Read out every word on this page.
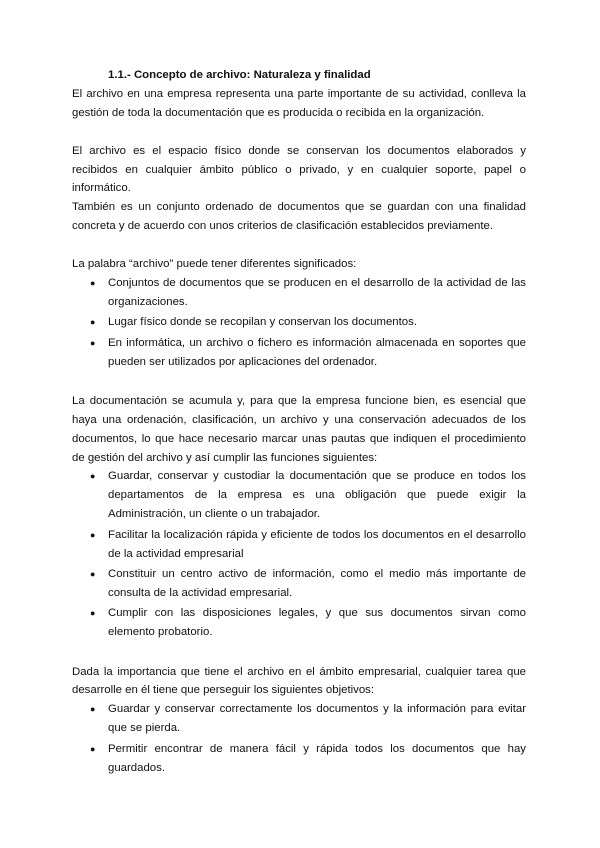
1.1.- Concepto de archivo: Naturaleza y finalidad

El archivo en una empresa representa una parte importante de su actividad, conlleva la gestión de toda la documentación que es producida o recibida en la organización.

El archivo es el espacio físico donde se conservan los documentos elaborados y recibidos en cualquier ámbito público o privado, y en cualquier soporte, papel o informático.

También es un conjunto ordenado de documentos que se guardan con una finalidad concreta y de acuerdo con unos criterios de clasificación establecidos previamente.

La palabra “archivo” puede tener diferentes significados:

● Conjuntos de documentos que se producen en el desarrollo de la actividad de las organizaciones.
● Lugar físico donde se recopilan y conservan los documentos.
● En informática, un archivo o fichero es información almacenada en soportes que pueden ser utilizados por aplicaciones del ordenador.

La documentación se acumula y, para que la empresa funcione bien, es esencial que haya una ordenación, clasificación, un archivo y una conservación adecuados de los documentos, lo que hace necesario marcar unas pautas que indiquen el procedimiento de gestión del archivo y así cumplir las funciones siguientes:

● Guardar, conservar y custodiar la documentación que se produce en todos los departamentos de la empresa es una obligación que puede exigir la Administración, un cliente o un trabajador.
● Facilitar la localización rápida y eficiente de todos los documentos en el desarrollo de la actividad empresarial
● Constituir un centro activo de información, como el medio más importante de consulta de la actividad empresarial.
● Cumplir con las disposiciones legales, y que sus documentos sirvan como elemento probatorio.

Dada la importancia que tiene el archivo en el ámbito empresarial, cualquier tarea que desarrolle en él tiene que perseguir los siguientes objetivos:

● Guardar y conservar correctamente los documentos y la información para evitar que se pierda.
● Permitir encontrar de manera fácil y rápida todos los documentos que hay guardados.
